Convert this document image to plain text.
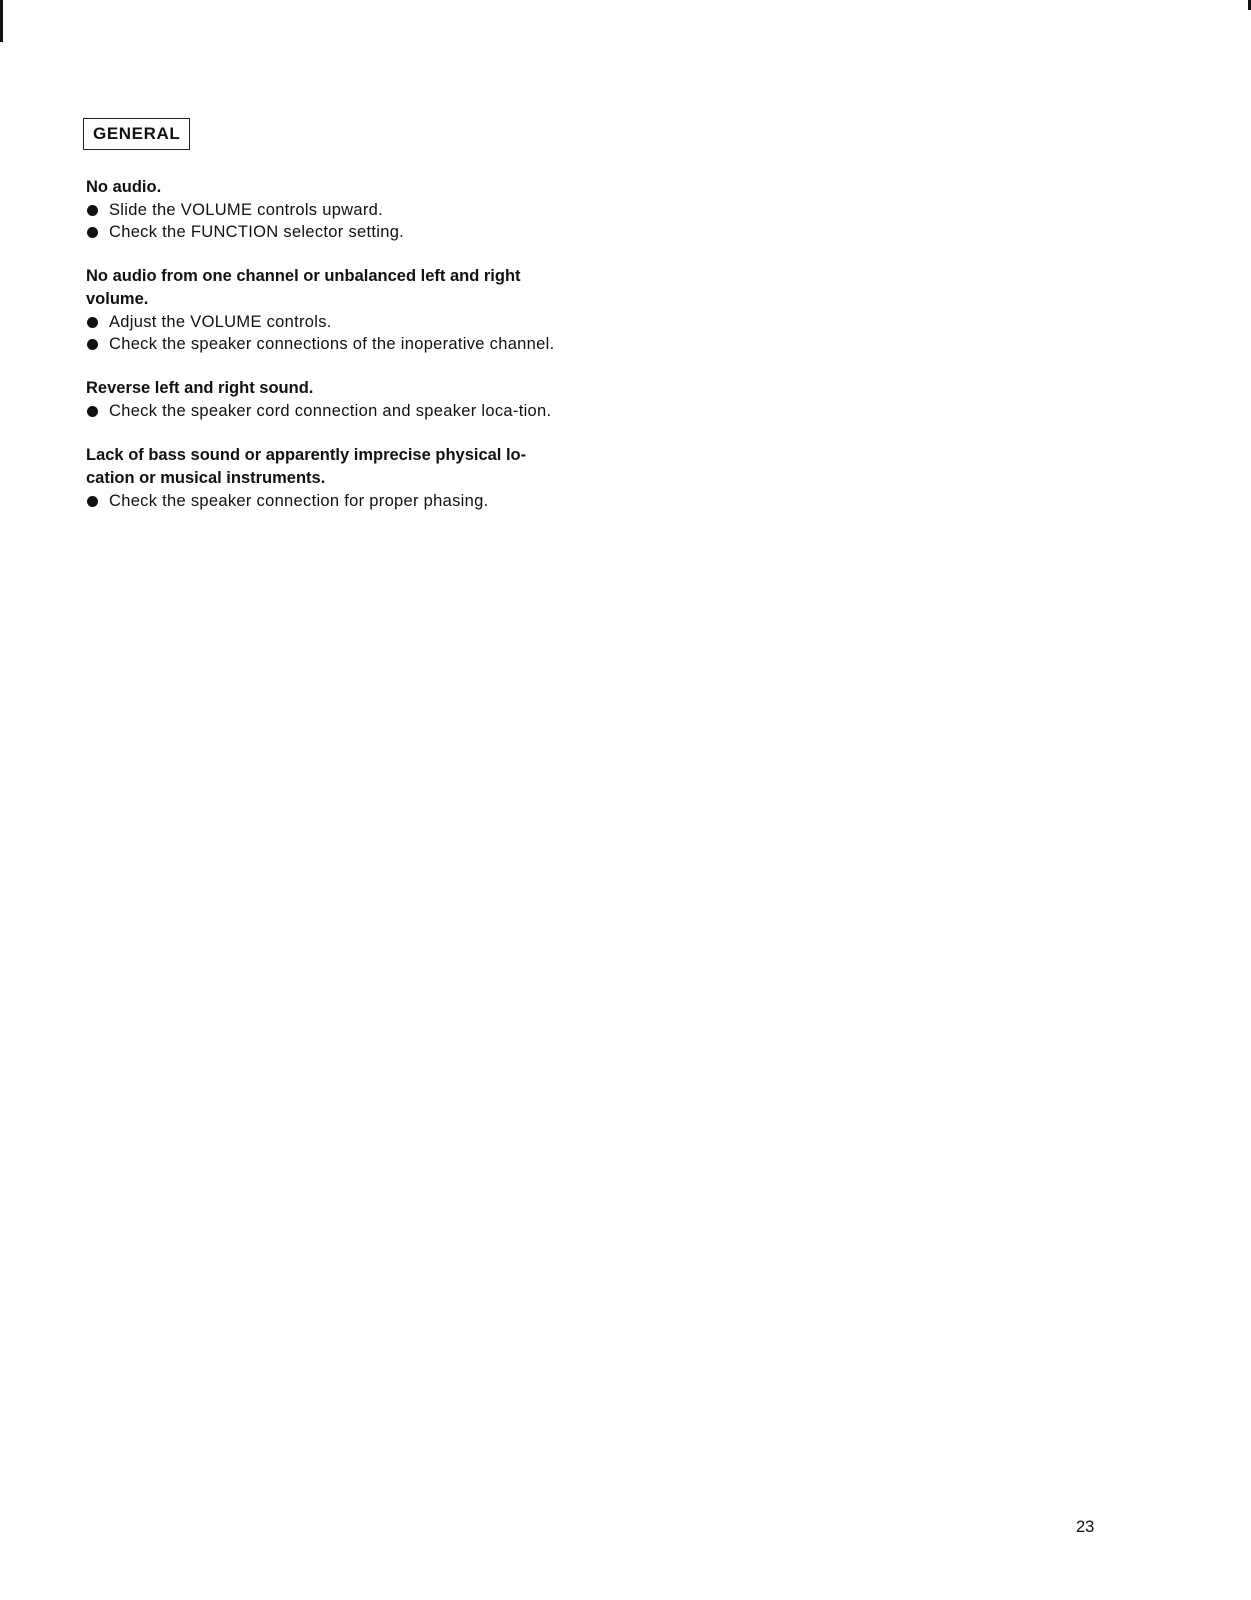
GENERAL

No audio.

Slide the VOLUME controls upward.
Check the FUNCTION selector setting.

No audio from one channel or unbalanced left and right volume.

Adjust the VOLUME controls.
Check the speaker connections of the inoperative channel.

Reverse left and right sound.

Check the speaker cord connection and speaker loca-tion.

Lack of bass sound or apparently imprecise physical lo-cation or musical instruments.

Check the speaker connection for proper phasing.
23
